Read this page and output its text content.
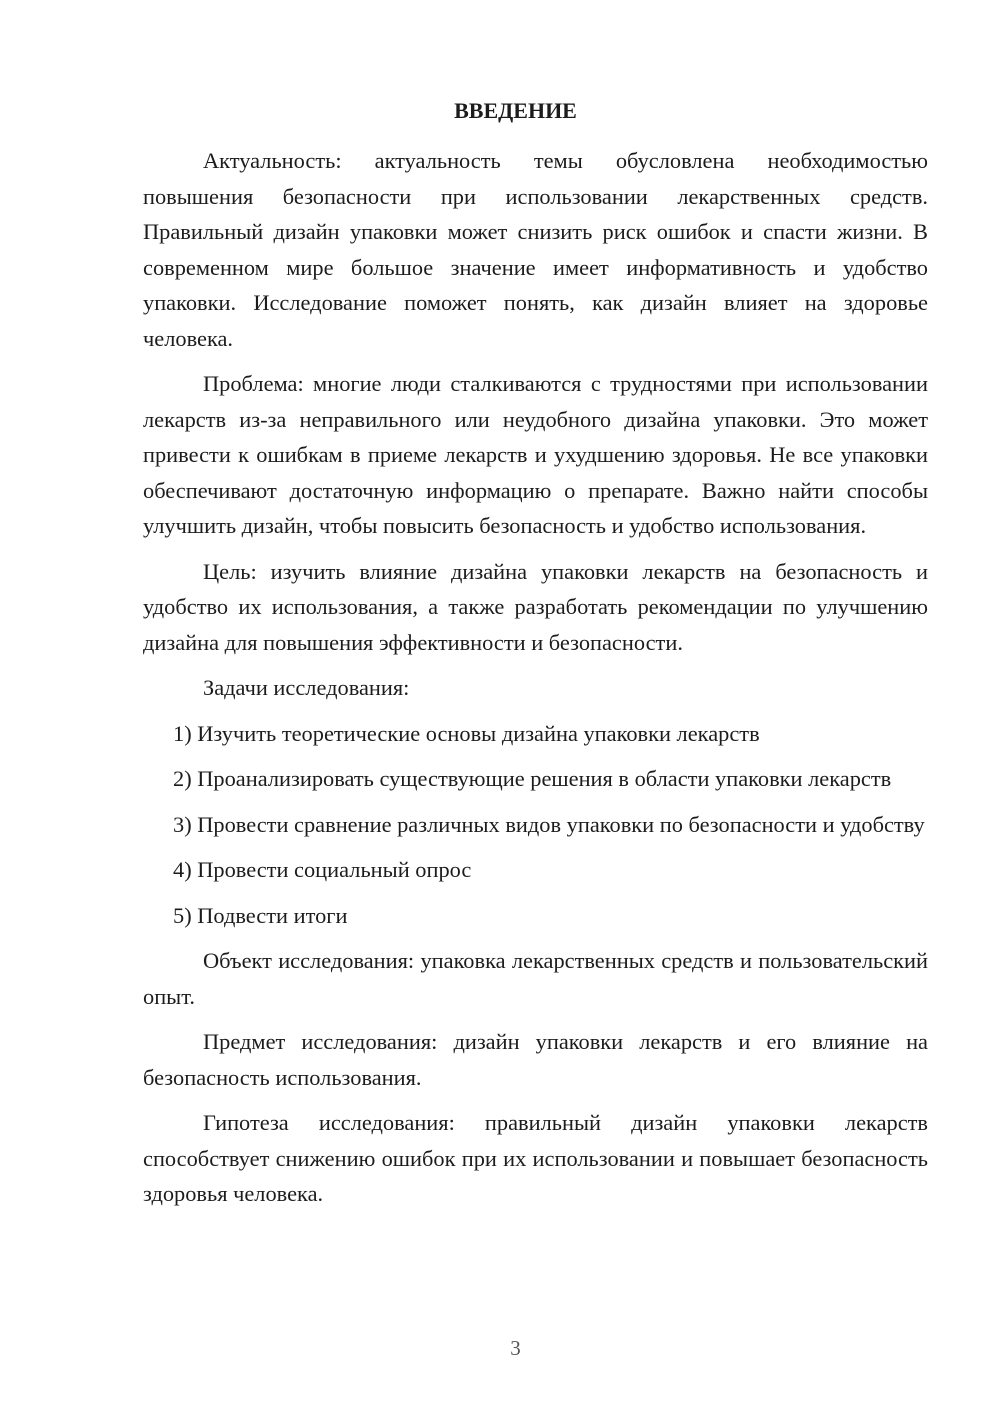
ВВЕДЕНИЕ

Актуальность: актуальность темы обусловлена необходимостью повышения безопасности при использовании лекарственных средств. Правильный дизайн упаковки может снизить риск ошибок и спасти жизни. В современном мире большое значение имеет информативность и удобство упаковки. Исследование поможет понять, как дизайн влияет на здоровье человека.

Проблема: многие люди сталкиваются с трудностями при использовании лекарств из-за неправильного или неудобного дизайна упаковки. Это может привести к ошибкам в приеме лекарств и ухудшению здоровья. Не все упаковки обеспечивают достаточную информацию о препарате. Важно найти способы улучшить дизайн, чтобы повысить безопасность и удобство использования.

Цель: изучить влияние дизайна упаковки лекарств на безопасность и удобство их использования, а также разработать рекомендации по улучшению дизайна для повышения эффективности и безопасности.

Задачи исследования:

1) Изучить теоретические основы дизайна упаковки лекарств

2) Проанализировать существующие решения в области упаковки лекарств

3) Провести сравнение различных видов упаковки по безопасности и удобству

4) Провести социальный опрос

5) Подвести итоги

Объект исследования: упаковка лекарственных средств и пользовательский опыт.

Предмет исследования: дизайн упаковки лекарств и его влияние на безопасность использования.

Гипотеза исследования: правильный дизайн упаковки лекарств способствует снижению ошибок при их использовании и повышает безопасность здоровья человека.

3
